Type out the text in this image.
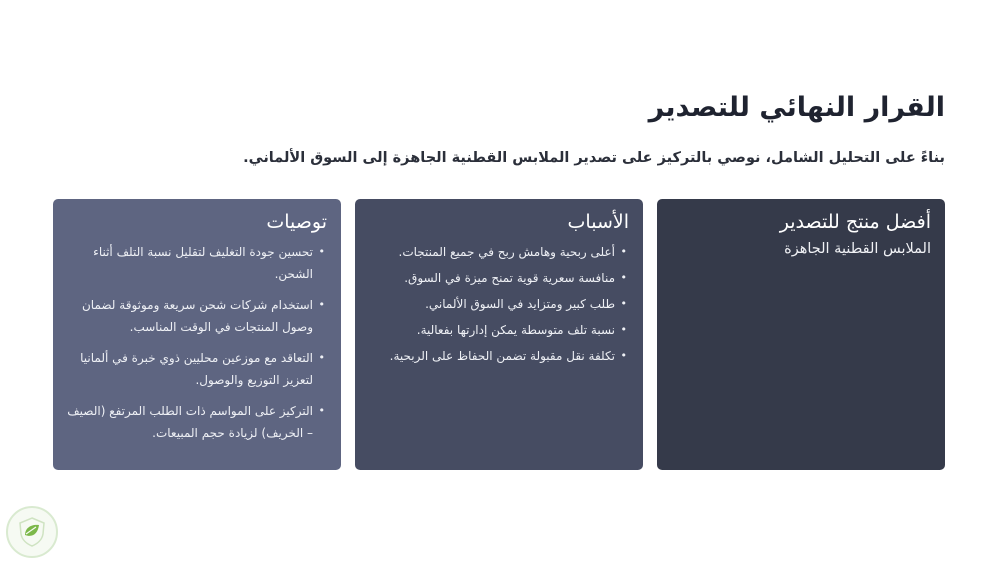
القرار النهائي للتصدير

بناءً على التحليل الشامل، نوصي بالتركيز على تصدير الملابس القطنية الجاهزة إلى السوق الألماني.

أفضل منتج للتصدير
الملابس القطنية الجاهزة
الأسباب
• أعلى ربحية وهامش ربح في جميع المنتجات.
• منافسة سعرية قوية تمنح ميزة في السوق.
• طلب كبير ومتزايد في السوق الألماني.
• نسبة تلف متوسطة يمكن إدارتها بفعالية.
• تكلفة نقل مقبولة تضمن الحفاظ على الربحية.
توصيات
• تحسين جودة التغليف لتقليل نسبة التلف أثناء الشحن.
• استخدام شركات شحن سريعة وموثوقة لضمان وصول المنتجات في الوقت المناسب.
• التعاقد مع موزعين محليين ذوي خبرة في ألمانيا لتعزيز التوزيع والوصول.
• التركيز على المواسم ذات الطلب المرتفع (الصيف – الخريف) لزيادة حجم المبيعات.
